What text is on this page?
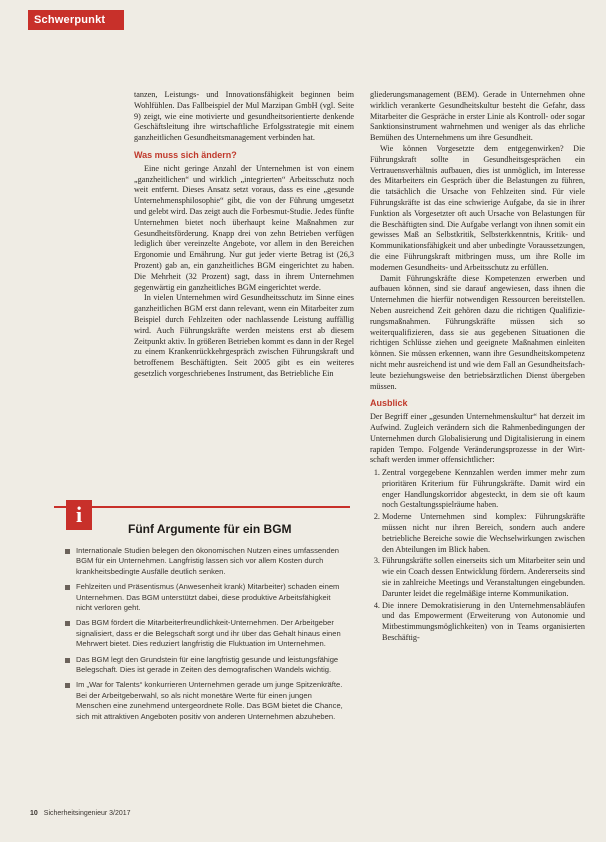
Schwerpunkt

tanzen, Leistungs- und Innovationsfähigkeit beginnen beim Wohlfühlen. Das Fallbeispiel der Mul Marzipan GmbH (vgl. Seite 9) zeigt, wie eine motivierte und gesundheitsorientierte denkende Geschäftsleitung ihre wirtschaftliche Erfolgsstrategie mit einem ganzheitlichen Gesundheitsmanagement verbinden hat.

Was muss sich ändern?

Eine nicht geringe Anzahl der Unternehmen ist von einem „ganzheitlichen“ und wirklich „integrierten“ Arbeitsschutz noch weit entfernt. Dieses Ansatz setzt voraus, dass es eine „gesunde Unternehmensphilosophie“ gibt, die von der Führung umgesetzt und gelebt wird. Das zeigt auch die Forbesmut-Studie. Jedes fünfte Unternehmen bietet noch überhaupt keine Maßnahmen zur Gesundheitsförderung. Knapp drei von zehn Betrieben verfügen lediglich über vereinzelte Angebote, vor allem in den Bereichen Ergonomie und Ernährung. Nur gut jeder vierte Betrag ist (26,3 Prozent) gab an, ein ganzheitliches BGM eingerichtet zu haben. Die Mehrheit (32 Prozent) sagt, dass in ihrem Unternehmen gegenwärtig ein ganzheitliches BGM eingerichtet werde.

In vielen Unternehmen wird Gesundheitsschutz im Sinne eines ganzheitlichen BGM erst dann relevant, wenn ein Mitarbeiter zum Beispiel durch Fehlzeiten oder nachlassende Leistung auffällig wird. Auch Führungskräfte werden meistens erst ab diesem Zeitpunkt aktiv. In größeren Betrieben kommt es dann in der Regel zu einem Krankenrückkehrgespräch zwischen Führungskraft und betroffenem Beschäftigten. Seit 2005 gibt es ein weiteres gesetzlich vorgeschriebenes Instrument, das Betriebliche Ein

gliederungsmanagement (BEM). Gerade in Unternehmen ohne wirklich verankerte Gesundheitskultur besteht die Gefahr, dass Mitarbeiter die Gespräche in erster Linie als Kontroll- oder sogar Sanktionsinstrument wahrnehmen und weniger als das ehrliche Bemühen des Unternehmens um ihre Gesundheit.

Wie können Vorgesetzte dem entgegenwirken? Die Führungskraft sollte in Gesundheitsgesprächen ein Vertrauensverhältnis aufbauen, dies ist unmöglich, im Interesse des Mitarbeiters ein Gespräch über die Belastungen zu führen, die tatsächlich die Ursache von Fehlzeiten sind. Für viele Führungskräfte ist das eine schwierige Aufgabe, da sie in ihrer Funktion als Vorgesetzter oft auch Ursache von Belastungen für die Beschäftigten sind. Die Aufgabe verlangt von ihnen somit ein gewisses Maß an Selbstkritik, Selbsterkkenntnis, Kritik- und Kommunikationsfähigkeit und aber unbedingte Voraussetzungen, die eine Führungskraft mitbringen muss, um ihre Rolle im modernen Gesundheits- und Arbeitsschutz zu erfüllen.

Damit Führungskräfte diese Kompetenzen erwerben und aufbauen können, sind sie darauf angewiesen, dass ihnen die Unternehmen die hierfür notwendigen Ressourcen bereitstellen. Neben ausreichend Zeit gehören dazu die richtigen Qualifizierungsmaßnahmen. Führungskräfte müssen sich so weiterqualifizieren, dass sie aus gegebenen Situationen die richtigen Schlüsse ziehen und geeignete Maßnahmen einleiten können. Sie müssen erkennen, wann ihre Gesundheitskompetenz nicht mehr ausreichend ist und wie dem Fall an Gesundheitsfachleute beziehungsweise den betriebsärztlichen Dienst übergeben müssen.

Ausblick

Der Begriff einer „gesunden Unternehmenskultur“ hat derzeit im Aufwind. Zugleich verändern sich die Rahmenbedingungen der Unternehmen durch Globalisierung und Digitalisierung in einem rapiden Tempo. Folgende Veränderungsprozesse in der Wirtschaft werden immer offensichtlicher:

1. Zentral vorgegebene Kennzahlen werden immer mehr zum prioritären Kriterium für Führungskräfte. Damit wird ein enger Handlungskorridor abgesteckt, in dem sie oft kaum noch Gestaltungsspielräume haben.
2. Moderne Unternehmen sind komplex: Führungskräfte müssen nicht nur ihren Bereich, sondern auch andere betriebliche Bereiche sowie die Wechselwirkungen zwischen den Abteilungen im Blick haben.
3. Führungskräfte sollen einerseits sich um Mitarbeiter sein und wie ein Coach dessen Entwicklung fördern. Andererseits sind sie in zahlreiche Meetings und Veranstaltungen eingebunden. Darunter leidet die regelmäßige interne Kommunikation.
4. Die innere Demokratisierung in den Unternehmensabläufen und das Empowerment (Erweiterung von Autonomie und Mitbestimmungsmöglichkeiten) von in Teams organisierten Beschäftig-
i
Fünf Argumente für ein BGM
Internationale Studien belegen den ökonomischen Nutzen eines umfassenden BGM für ein Unternehmen. Langfristig lassen sich vor allem Kosten durch krankheitsbedingte Ausfälle deutlich senken.
Fehlzeiten und Präsentismus (Anwesenheit krank) Mitarbeiter) schaden einem Unternehmen. Das BGM unterstützt dabei, diese produktive Arbeitsfähigkeit nicht verloren geht.
Das BGM fördert die Mitarbeiterfreundlichkeit-Unternehmen. Der Arbeitgeber signalisiert, dass er die Belegschaft sorgt und ihr über das Gehalt hinaus einen Mehrwert bietet. Dies reduziert langfristig die Fluktuation im Unternehmen.
Das BGM legt den Grundstein für eine langfristig gesunde und leistungsfähige Belegschaft. Dies ist gerade in Zeiten des demografischen Wandels wichtig.
Im „War for Talents“ konkurrieren Unternehmen gerade um junge Spitzenkräfte. Bei der Arbeitgeberwahl, so als nicht monetäre Werte für einen jungen Menschen eine zunehmend untergeordnete Rolle. Das BGM bietet die Chance, sich mit attraktiven Angeboten positiv von anderen Unternehmen abzuheben.
10 Sicherheitsingenieur 3/2017
